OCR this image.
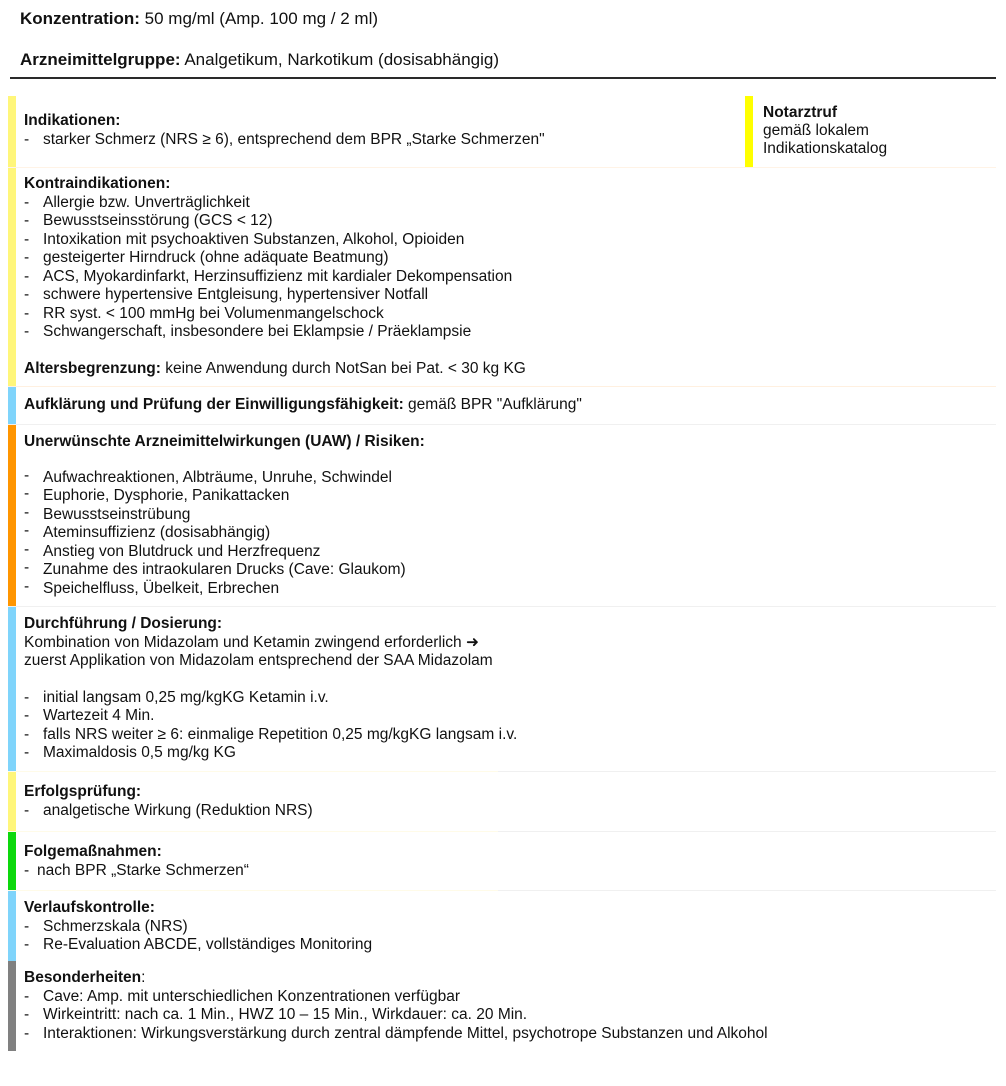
Konzentration: 50 mg/ml (Amp. 100 mg / 2 ml)
Arzneimittelgruppe: Analgetikum, Narkotikum (dosisabhängig)
Indikationen:
- starker Schmerz (NRS ≥ 6), entsprechend dem BPR „Starke Schmerzen"
Notarztruf
gemäß lokalem
Indikationskatalog
Kontraindikationen:
- Allergie bzw. Unverträglichkeit
- Bewusstseinsstörung (GCS < 12)
- Intoxikation mit psychoaktiven Substanzen, Alkohol, Opioiden
- gesteigerter Hirndruck (ohne adäquate Beatmung)
- ACS, Myokardinfarkt, Herzinsuffizienz mit kardialer Dekompensation
- schwere hypertensive Entgleisung, hypertensiver Notfall
- RR syst. < 100 mmHg bei Volumenmangelschock
- Schwangerschaft, insbesondere bei Eklampsie / Präeklampsie
Altersbegrenzung: keine Anwendung durch NotSan bei Pat. < 30 kg KG
Aufklärung und Prüfung der Einwilligungsfähigkeit: gemäß BPR "Aufklärung"
Unerwünschte Arzneimittelwirkungen (UAW) / Risiken:
- Aufwachreaktionen, Albträume, Unruhe, Schwindel
- Euphorie, Dysphorie, Panikattacken
- Bewusstseinstrübung
- Ateminsuffizienz (dosisabhängig)
- Anstieg von Blutdruck und Herzfrequenz
- Zunahme des intraokularen Drucks (Cave: Glaukom)
- Speichelfluss, Übelkeit, Erbrechen
Durchführung / Dosierung:
Kombination von Midazolam und Ketamin zwingend erforderlich ➜
zuerst Applikation von Midazolam entsprechend der SAA Midazolam
- initial langsam 0,25 mg/kgKG Ketamin i.v.
- Wartezeit 4 Min.
- falls NRS weiter ≥ 6: einmalige Repetition 0,25 mg/kgKG langsam i.v.
- Maximaldosis 0,5 mg/kg KG
Erfolgsprüfung:
- analgetische Wirkung (Reduktion NRS)
Folgemaßnahmen:
- nach BPR „Starke Schmerzen“
Verlaufskontrolle:
- Schmerzskala (NRS)
- Re-Evaluation ABCDE, vollständiges Monitoring
Besonderheiten:
- Cave: Amp. mit unterschiedlichen Konzentrationen verfügbar
- Wirkeintritt: nach ca. 1 Min., HWZ 10 – 15 Min., Wirkdauer: ca. 20 Min.
- Interaktionen: Wirkungsverstärkung durch zentral dämpfende Mittel, psychotrope Substanzen und Alkohol
